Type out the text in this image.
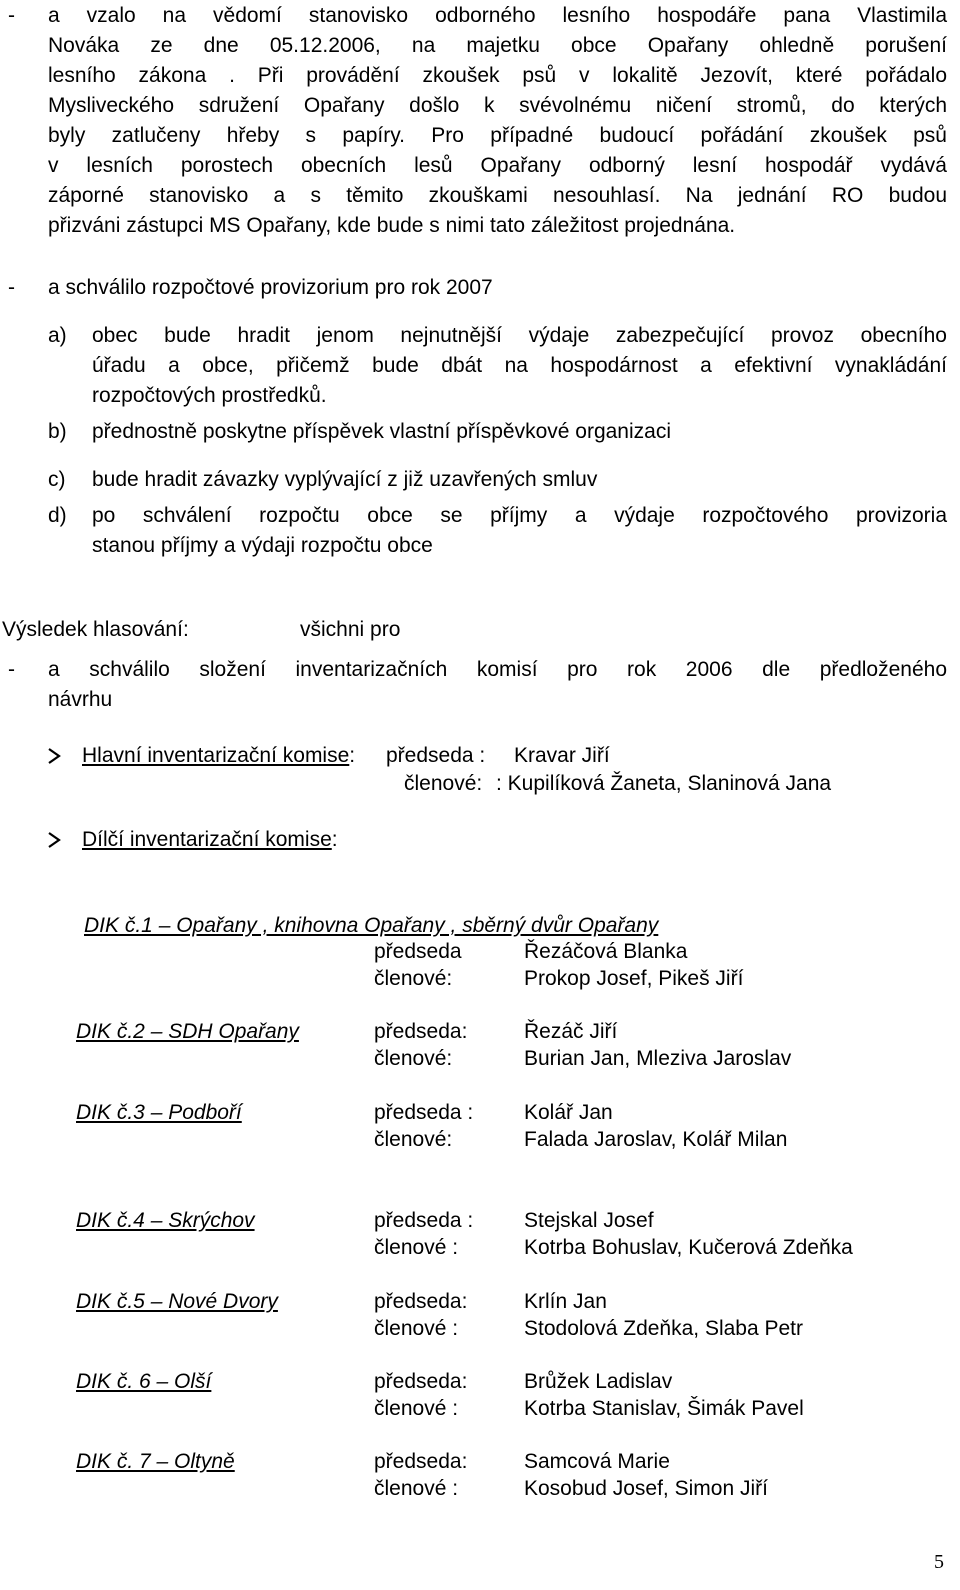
- a vzalo na vědomí stanovisko odborného lesního hospodáře pana Vlastimila
Nováka ze dne 05.12.2006, na majetku obce Opařany ohledně porušení
lesního zákona . Při provádění zkoušek psů v lokalitě Jezovít, které pořádalo
Mysliveckého sdružení Opařany došlo k svévolnému ničení stromů, do kterých
byly zatlučeny hřeby s papíry. Pro případné budoucí pořádání zkoušek psů
v lesních porostech obecních lesů Opařany odborný lesní hospodář vydává
záporné stanovisko a s těmito zkouškami nesouhlasí. Na jednání RO budou
přizváni zástupci MS Opařany, kde bude s nimi tato záležitost projednána.
- a schválilo rozpočtové provizorium pro rok 2007
a) obec bude hradit jenom nejnutnější výdaje zabezpečující provoz obecního
úřadu a obce, přičemž bude dbát na hospodárnost a efektivní vynakládání
rozpočtových prostředků.
b) přednostně poskytne příspěvek vlastní příspěvkové organizaci
c) bude hradit závazky vyplývající z již uzavřených smluv
d) po schválení rozpočtu obce se příjmy a výdaje rozpočtového provizoria
stanou příjmy a výdaji rozpočtu obce
Výsledek hlasování:	všichni pro
- a schválilo složení inventarizačních komisí pro rok 2006 dle předloženého
návrhu
Hlavní inventarizační komise: předseda : Kravar Jiří
členové: : Kupilíková Žaneta, Slaninová Jana
Dílčí inventarizační komise:
DIK č.1 – Opařany , knihovna Opařany , sběrný dvůr Opařany
předseda	Řezáčová Blanka
členové:	Prokop Josef, Pikeš Jiří
DIK č.2 – SDH Opařany	předseda:	Řezáč Jiří
členové:	Burian Jan, Mleziva Jaroslav
DIK č.3 – Podboří	předseda : Kolář Jan
členové:	Falada Jaroslav, Kolář Milan
DIK č.4 – Skrýchov	předseda : Stejskal Josef
členové :	Kotrba Bohuslav, Kučerová Zdeňka
DIK č.5 – Nové Dvory	předseda:	Krlín Jan
členové :	Stodolová Zdeňka, Slaba Petr
DIK č. 6 – Olší	předseda:	Brůžek Ladislav
členové :	Kotrba Stanislav, Šimák Pavel
DIK č. 7 – Oltyně	předseda:	Samcová Marie
členové :	Kosobud Josef, Simon Jiří
5
